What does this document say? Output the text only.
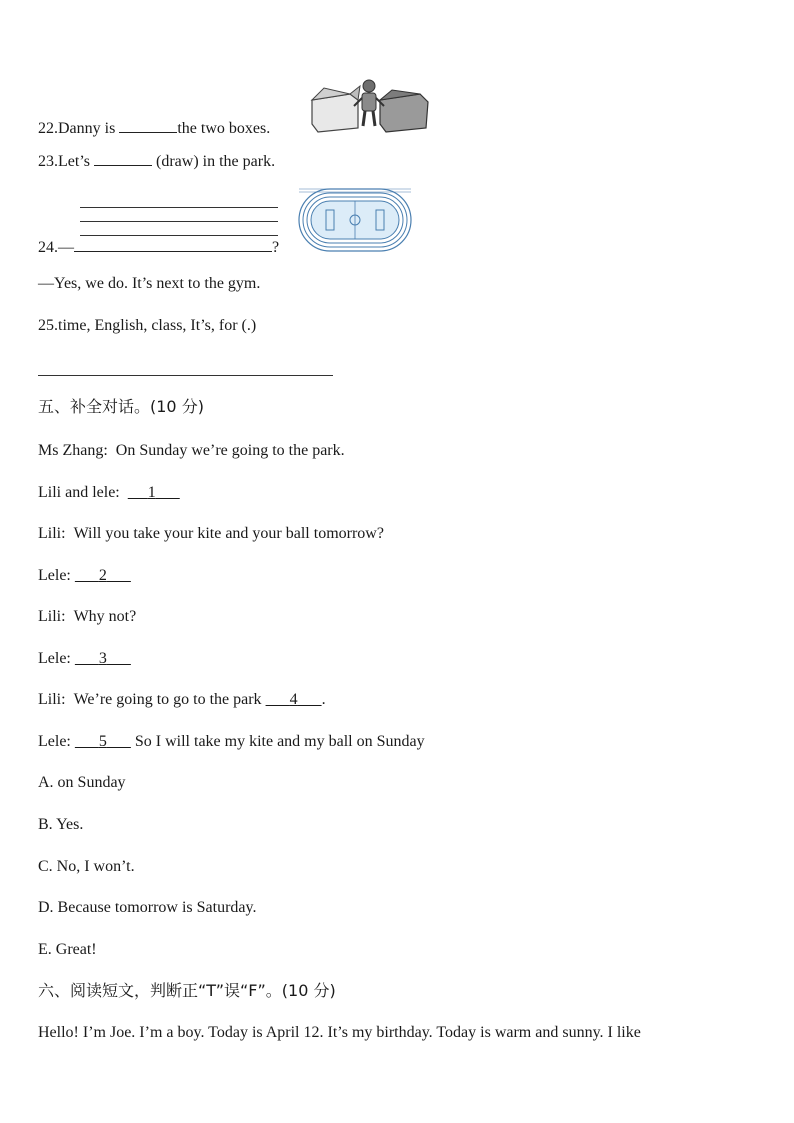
22.Danny is	the two boxes.
23.Let’s	(draw) in the park.
24.—	?
—Yes, we do. It’s next to the gym.
25.time, English, class, It’s, for (.)
五、补全对话。(10 分)
Ms Zhang: On Sunday we’re going to the park.
Lili and lele: 1
Lili: Will you take your kite and your ball tomorrow?
Lele: 2
Lili: Why not?
Lele: 3
Lili: We’re going to go to the park 4 .
Lele: 5 So I will take my kite and my ball on Sunday
A. on Sunday
B. Yes.
C. No, I won’t.
D. Because tomorrow is Saturday.
E. Great!
六、阅读短文，判断正“T”误“F”。(10 分)
Hello! I’m Joe. I’m a boy. Today is April 12. It’s my birthday. Today is warm and sunny. I like
